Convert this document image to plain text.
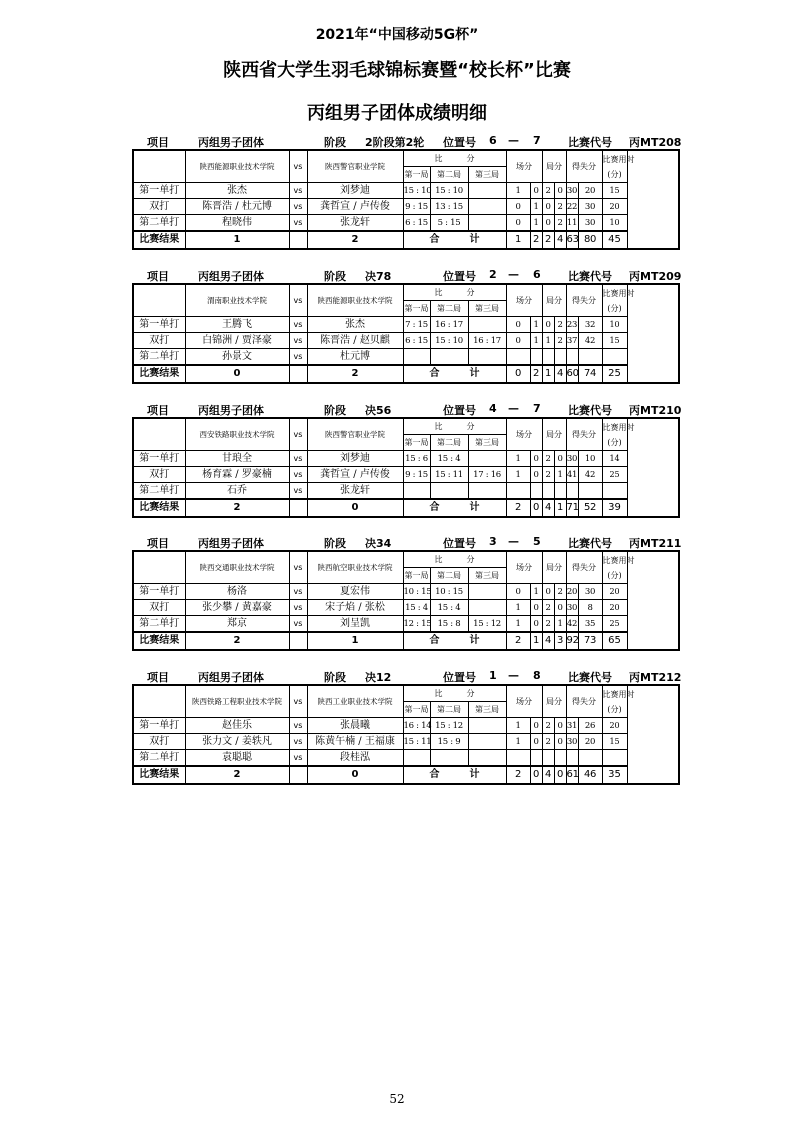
2021年“中国移动5G杯”
陕西省大学生羽毛球锦标赛暨“校长杯”比赛
丙组男子团体成绩明细
项目	丙组男子团体	阶段 2阶段第2轮 位置号 6 — 7 比赛代号 丙MT208
	陕西能源职业技术学院	vs	陕西警官职业学院	比　　　分			场分		局分		得失分		比赛用时
(分)

				第一局	第二局	第三局							
第一单打	张杰	vs	刘梦迪	15 : 10	15 : 10		1	0	2	0	30	20	15
双打	陈晋浩 / 杜元博	vs	龚哲宣 / 卢传俊	9 : 15	13 : 15		0	1	0	2	22	30	20
第二单打	程晓伟	vs	张龙轩	6 : 15	5 : 15		0	1	0	2	11	30	10
比赛结果	1		2	合　　　计			1	2	2	4	63	80	45
项目	丙组男子团体	阶段 决78	位置号 2 — 6 比赛代号 丙MT209
	渭南职业技术学院	vs	陕西能源职业技术学院	比　　　分			场分		局分		得失分		比赛用时
(分)

				第一局	第二局	第三局							
第一单打	王腾飞	vs	张杰	7 : 15	16 : 17		0	1	0	2	23	32	10
双打	白锦洲 / 贾泽豪	vs	陈晋浩 / 赵贝麒	6 : 15	15 : 10	16 : 17	0	1	1	2	37	42	15
第二单打	孙景文	vs	杜元博										
比赛结果	0		2	合　　　计			0	2	1	4	60	74	25
项目	丙组男子团体	阶段 决56	位置号 4 — 7 比赛代号 丙MT210
	西安铁路职业技术学院	vs	陕西警官职业学院	比　　　分			场分		局分		得失分		比赛用时
(分)

				第一局	第二局	第三局							
第一单打	甘琅全	vs	刘梦迪	15 : 6	15 : 4		1	0	2	0	30	10	14
双打	杨育霖 / 罗豪楠	vs	龚哲宣 / 卢传俊	9 : 15	15 : 11	17 : 16	1	0	2	1	41	42	25
第二单打	石乔	vs	张龙轩										
比赛结果	2		0	合　　　计			2	0	4	1	71	52	39
项目	丙组男子团体	阶段 决34	位置号 3 — 5 比赛代号 丙MT211
	陕西交通职业技术学院	vs	陕西航空职业技术学院	比　　　分			场分		局分		得失分		比赛用时
(分)

				第一局	第二局	第三局							
第一单打	杨洛	vs	夏宏伟	10 : 15	10 : 15		0	1	0	2	20	30	20
双打	张少攀 / 黄嘉豪	vs	宋子焰 / 张松	15 : 4	15 : 4		1	0	2	0	30	8	20
第二单打	郑京	vs	刘呈凯	12 : 15	15 : 8	15 : 12	1	0	2	1	42	35	25
比赛结果	2		1	合　　　计			2	1	4	3	92	73	65
项目	丙组男子团体	阶段 决12	位置号 1 — 8 比赛代号 丙MT212
	陕西铁路工程职业技术学院	vs	陕西工业职业技术学院	比　　　分			场分		局分		得失分		比赛用时
(分)

				第一局	第二局	第三局							
第一单打	赵佳乐	vs	张晨曦	16 : 14	15 : 12		1	0	2	0	31	26	20
双打	张力文 / 姜轶凡	vs	陈黄午楠 / 王福康	15 : 11	15 : 9		1	0	2	0	30	20	15
第二单打	袁聪聪	vs	段桂泓										
比赛结果	2		0	合　　　计			2	0	4	0	61	46	35
52
